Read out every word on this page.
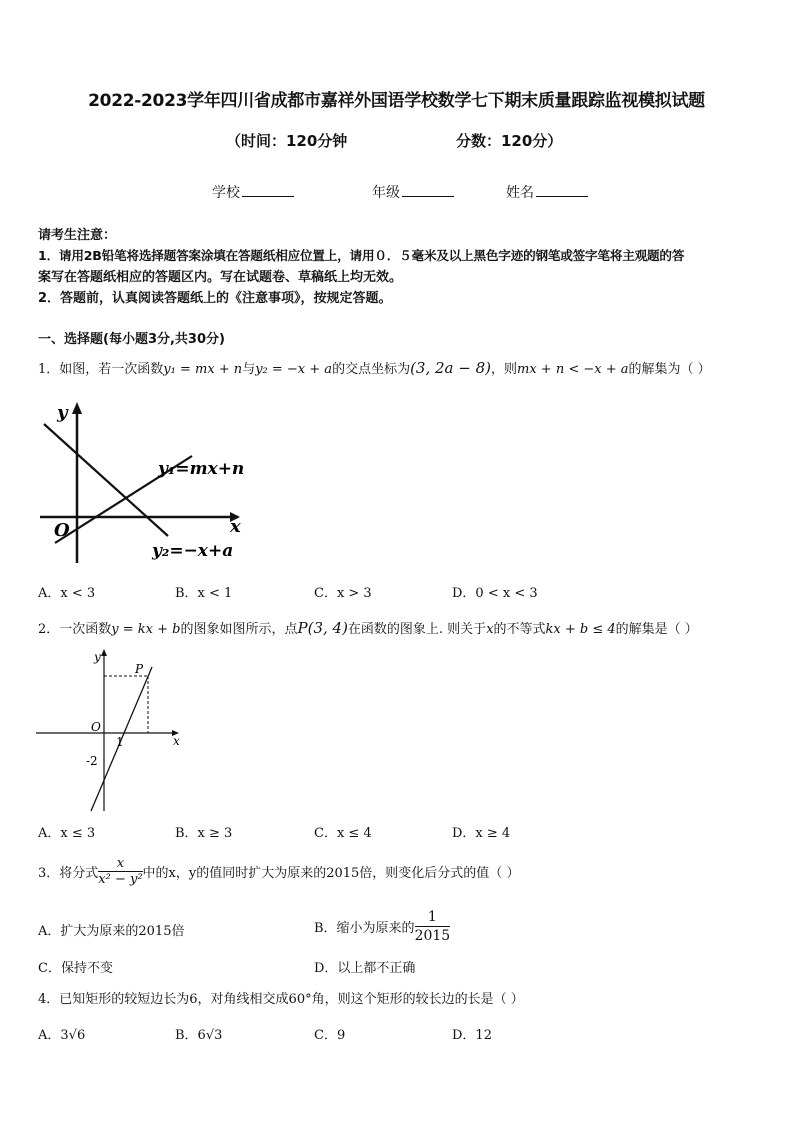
2022-2023学年四川省成都市嘉祥外国语学校数学七下期末质量跟踪监视模拟试题
（时间：120分钟	分数：120分）
学校	年级	姓名
请考生注意：
1．请用2B铅笔将选择题答案涂填在答题纸相应位置上，请用０．５毫米及以上黑色字迹的钢笔或签字笔将主观题的答
案写在答题纸相应的答题区内。写在试题卷、草稿纸上均无效。
2．答题前，认真阅读答题纸上的《注意事项》，按规定答题。
一、选择题(每小题3分,共30分)
1．如图，若一次函数y₁ = mx + n与y₂ = −x + a的交点坐标为(3, 2a − 8)，则mx + n < −x + a的解集为（ ）
y
x
O
y₁=mx+n
y₂=−x+a
A．x < 3	B．x < 1	C．x > 3	D．0 < x < 3
2．一次函数y = kx + b的图象如图所示，点P(3, 4)在函数的图象上. 则关于x的不等式kx + b ≤ 4的解集是（ ）
y
x
O
P
1
-2
A．x ≤ 3	B．x ≥ 3	C．x ≤ 4	D．x ≥ 4
3．将分式 $\frac{x}{\text{x² − y²}}$ 中的x，y的值同时扩大为原来的2015倍，则变化后分式的值（ ）
A．扩大为原来的2015倍	B．缩小为原来的 $\frac{1}{2015}$
C．保持不变	D．以上都不正确
4．已知矩形的较短边长为6，对角线相交成60°角，则这个矩形的较长边的长是（ ）
A．3√6	B．6√3	C．9	D．12
